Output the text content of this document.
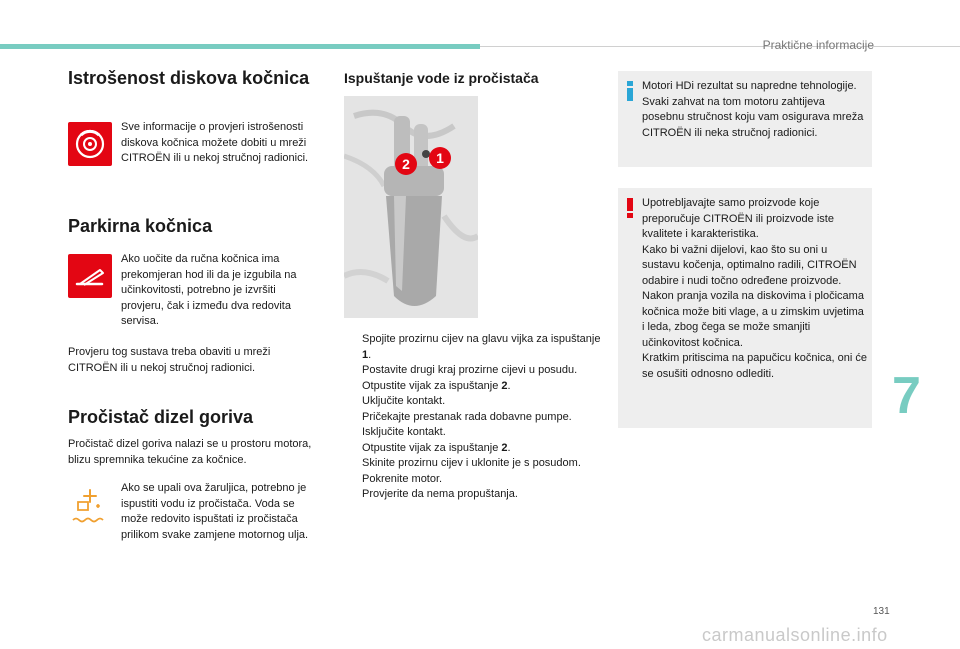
Praktične informacije
Istrošenost diskova kočnica

Sve informacije o provjeri istrošenosti diskova kočnica možete dobiti u mreži CITROËN ili u nekoj stručnoj radionici.

Parkirna kočnica

Ako uočite da ručna kočnica ima prekomjeran hod ili da je izgubila na učinkovitosti, potrebno je izvršiti provjeru, čak i između dva redovita servisa.

Provjeru tog sustava treba obaviti u mreži CITROËN ili u nekoj stručnoj radionici.

Pročistač dizel goriva

Pročistač dizel goriva nalazi se u prostoru motora, blizu spremnika tekućine za kočnice.

Ako se upali ova žaruljica, potrebno je ispustiti vodu iz pročistača. Voda se može redovito ispuštati iz pročistača prilikom svake zamjene motornog ulja.

Ispuštanje vode iz pročistača
1
2
Spojite prozirnu cijev na glavu vijka za ispuštanje 1.
Postavite drugi kraj prozirne cijevi u posudu.
Otpustite vijak za ispuštanje 2.
Uključite kontakt.
Pričekajte prestanak rada dobavne pumpe.
Isključite kontakt.
Otpustite vijak za ispuštanje 2.
Skinite prozirnu cijev i uklonite je s posudom.
Pokrenite motor.
Provjerite da nema propuštanja.
Motori HDi rezultat su napredne tehnologije. Svaki zahvat na tom motoru zahtijeva posebnu stručnost koju vam osigurava mreža CITROËN ili neka stručnoj radionici.
Upotrebljavajte samo proizvode koje preporučuje CITROËN ili proizvode iste kvalitete i karakteristika.
Kako bi važni dijelovi, kao što su oni u sustavu kočenja, optimalno radili, CITROËN odabire i nudi točno određene proizvode.
Nakon pranja vozila na diskovima i pločicama kočnica može biti vlage, a u zimskim uvjetima i leda, zbog čega se može smanjiti učinkovitost kočnica.
Kratkim pritiscima na papučicu kočnica, oni će se osušiti odnosno odlediti.	7
131
carmanualsonline.info
